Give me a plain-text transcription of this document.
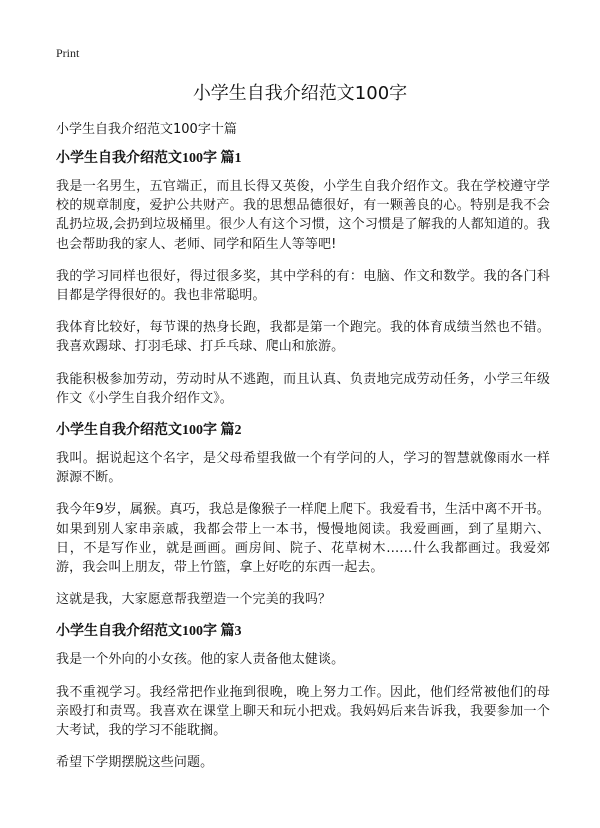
Print
小学生自我介绍范文100字

小学生自我介绍范文100字十篇

小学生自我介绍范文100字 篇1

我是一名男生，五官端正，而且长得又英俊，小学生自我介绍作文。我在学校遵守学校的规章制度，爱护公共财产。我的思想品德很好，有一颗善良的心。特别是我不会乱扔垃圾,会扔到垃圾桶里。很少人有这个习惯，这个习惯是了解我的人都知道的。我也会帮助我的家人、老师、同学和陌生人等等吧!

我的学习同样也很好，得过很多奖，其中学科的有：电脑、作文和数学。我的各门科目都是学得很好的。我也非常聪明。

我体育比较好，每节课的热身长跑，我都是第一个跑完。我的体育成绩当然也不错。我喜欢踢球、打羽毛球、打乒乓球、爬山和旅游。

我能积极参加劳动，劳动时从不逃跑，而且认真、负责地完成劳动任务，小学三年级作文《小学生自我介绍作文》。

小学生自我介绍范文100字 篇2

我叫。据说起这个名字，是父母希望我做一个有学问的人，学习的智慧就像雨水一样源源不断。

我今年9岁，属猴。真巧，我总是像猴子一样爬上爬下。我爱看书，生活中离不开书。如果到别人家串亲戚，我都会带上一本书，慢慢地阅读。我爱画画，到了星期六、日，不是写作业，就是画画。画房间、院子、花草树木……什么我都画过。我爱郊游，我会叫上朋友，带上竹篮，拿上好吃的东西一起去。

这就是我，大家愿意帮我塑造一个完美的我吗？

小学生自我介绍范文100字 篇3

我是一个外向的小女孩。他的家人责备他太健谈。

我不重视学习。我经常把作业拖到很晚，晚上努力工作。因此，他们经常被他们的母亲殴打和责骂。我喜欢在课堂上聊天和玩小把戏。我妈妈后来告诉我，我要参加一个大考试，我的学习不能耽搁。

希望下学期摆脱这些问题。
